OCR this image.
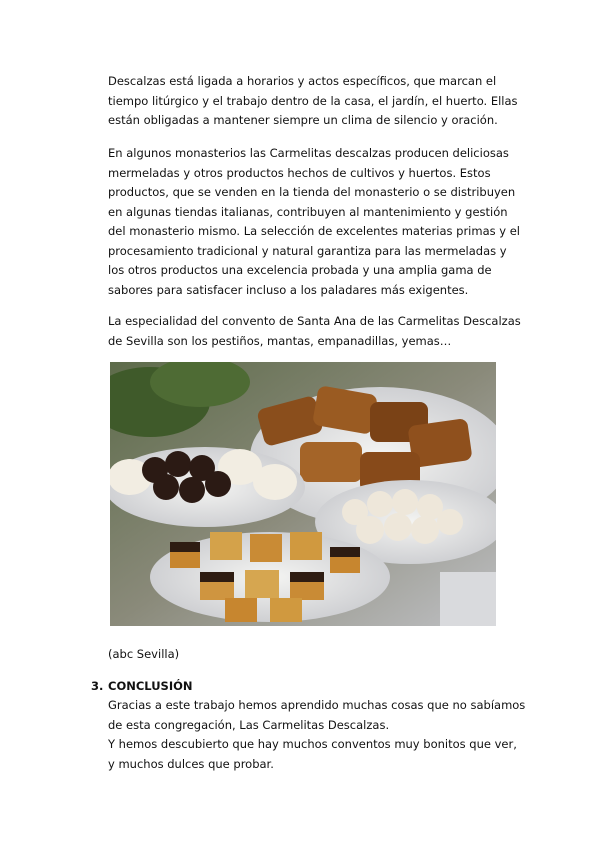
Descalzas está ligada a horarios y actos específicos, que marcan el tiempo litúrgico y el trabajo dentro de la casa, el jardín, el huerto. Ellas están obligadas a mantener siempre un clima de silencio y oración.

En algunos monasterios las Carmelitas descalzas producen deliciosas mermeladas y otros productos hechos de cultivos y huertos. Estos productos, que se venden en la tienda del monasterio o se distribuyen en algunas tiendas italianas, contribuyen al mantenimiento y gestión del monasterio mismo. La selección de excelentes materias primas y el procesamiento tradicional y natural garantiza para las mermeladas y los otros productos una excelencia probada y una amplia gama de sabores para satisfacer incluso a los paladares más exigentes.

La especialidad del convento de Santa Ana de las Carmelitas Descalzas de Sevilla son los pestiños, mantas, empanadillas, yemas…

(abc Sevilla)

3. CONCLUSIÓN
Gracias a este trabajo hemos aprendido muchas cosas que no sabíamos de esta congregación, Las Carmelitas Descalzas.
Y hemos descubierto que hay muchos conventos muy bonitos que ver, y muchos dulces que probar.
